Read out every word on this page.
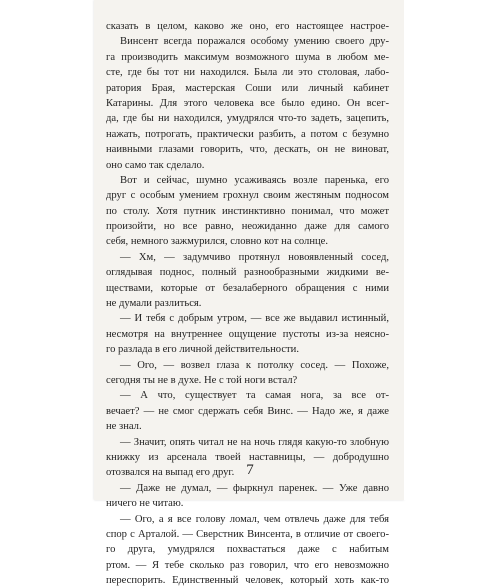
сказать в целом, каково же оно, его настоящее настрое-
Винсент всегда поражался особому умению своего дру-
га производить максимум возможного шума в любом ме-
сте, где бы тот ни находился. Была ли это столовая, лабо-
ратория Брая, мастерская Соши или личный кабинет
Катарины. Для этого человека все было едино. Он всег-
да, где бы ни находился, умудрялся что-то задеть, зацепить,
нажать, потрогать, практически разбить, а потом с безумно
наивными глазами говорить, что, дескать, он не виноват,
оно само так сделало.
Вот и сейчас, шумно усаживаясь возле паренька, его
друг с особым умением грохнул своим жестяным подносом
по столу. Хотя путник инстинктивно понимал, что может
произойти, но все равно, неожиданно даже для самого
себя, немного зажмурился, словно кот на солнце.
— Хм, — задумчиво протянул новоявленный сосед,
оглядывая поднос, полный разнообразными жидкими ве-
ществами, которые от безалаберного обращения с ними
не думали разлиться.
— И тебя с добрым утром, — все же выдавил истинный,
несмотря на внутреннее ощущение пустоты из-за неясно-
го разлада в его личной действительности.
— Ого, — возвел глаза к потолку сосед. — Похоже,
сегодня ты не в духе. Не с той ноги встал?
— А что, существует та самая нога, за все от-
вечает? — не смог сдержать себя Винс. — Надо же, я даже
не знал.
— Значит, опять читал не на ночь глядя какую-то злобную
книжку из арсенала твоей наставницы, — добродушно
отозвался на выпад его друг.
— Даже не думал, — фыркнул паренек. — Уже давно
ничего не читаю.
— Ого, а я все голову ломал, чем отвлечь даже для тебя
спор с Арталой. — Сверстник Винсента, в отличие от своего-
го друга, умудрялся похвастаться даже с набитым
ртом. — Я тебе сколько раз говорил, что его невозможно
переспорить. Единственный человек, который хоть как-то
7
